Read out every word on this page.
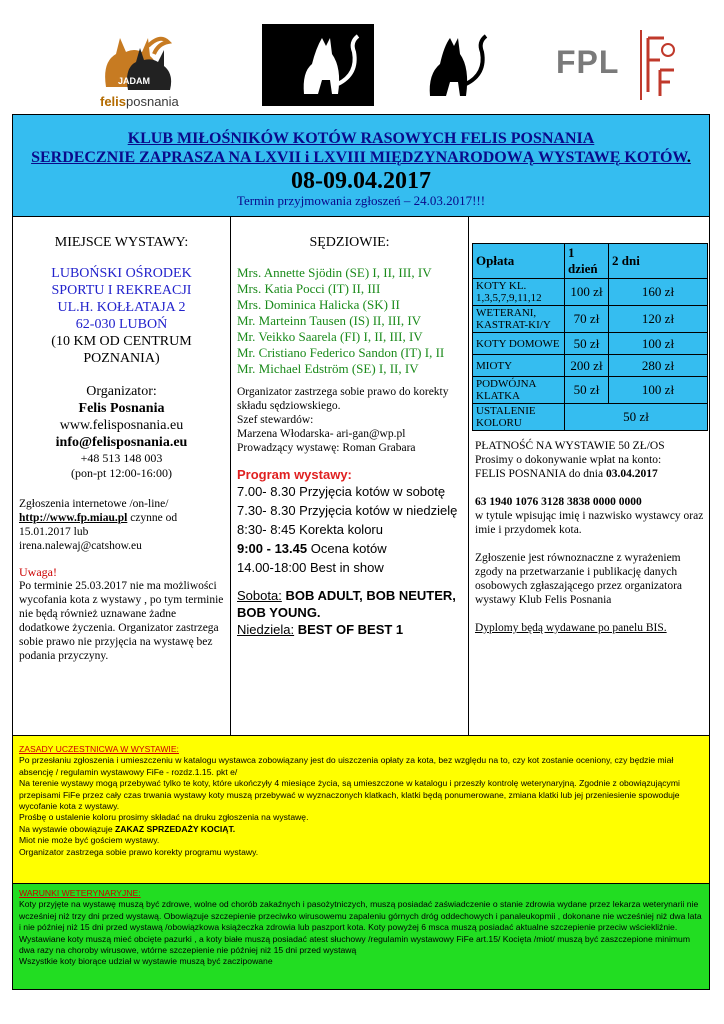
JADAM
felisposnania
FPL
KLUB MIŁOŚNIKÓW KOTÓW RASOWYCH FELIS POSNANIA
SERDECZNIE ZAPRASZA NA LXVII i LXVIII MIĘDZYNARODOWĄ WYSTAWĘ KOTÓW.
08-09.04.2017
Termin przyjmowania zgłoszeń – 24.03.2017!!!
MIEJSCE WYSTAWY:
LUBOŃSKI OŚRODEK
SPORTU I REKREACJI
UL.H. KOŁŁATAJA 2
62-030 LUBOŃ
(10 KM OD CENTRUM
POZNANIA)
Organizator:
Felis Posnania
www.felisposnania.eu
info@felisposnania.eu
+48 513 148 003
(pon-pt 12:00-16:00)
Zgłoszenia internetowe /on-line/
http://www.fp.miau.pl czynne od 15.01.2017 lub
irena.nalewaj@catshow.eu
Uwaga!
Po terminie 25.03.2017 nie ma możliwości wycofania kota z wystawy , po tym terminie nie będą również uznawane żadne dodatkowe życzenia. Organizator zastrzega sobie prawo nie przyjęcia na wystawę bez podania przyczyny.
SĘDZIOWIE:
Mrs. Annette Sjödin (SE) I, II, III, IV
Mrs. Katia Pocci (IT) II, III
Mrs. Dominica Halicka (SK) II
Mr. Marteinn Tausen (IS) II, III, IV
Mr. Veikko Saarela (FI) I, II, III, IV
Mr. Cristiano Federico Sandon (IT) I, II
Mr. Michael Edström (SE) I, II, IV
Organizator zastrzega sobie prawo do korekty składu sędziowskiego.
Szef stewardów:
Marzena Włodarska- ari-gan@wp.pl
Prowadzący wystawę: Roman Grabara
Program wystawy:
7.00- 8.30 Przyjęcia kotów w sobotę
7.30- 8.30 Przyjęcia kotów w niedzielę
8:30- 8:45 Korekta koloru
9:00 - 13.45 Ocena kotów
14.00-18:00 Best in show
Sobota: BOB ADULT, BOB NEUTER, BOB YOUNG.
Niedziela: BEST OF BEST 1
Opłata	1 dzień	2 dni
KOTY KL. 1,3,5,7,9,11,12	100 zł	160 zł
WETERANI, KASTRAT-KI/Y	70 zł	120 zł
KOTY DOMOWE	50 zł	100 zł
MIOTY	200 zł	280 zł
PODWÓJNA KLATKA	50 zł	100 zł
USTALENIE KOLORU	50 zł	

PŁATNOŚĆ NA WYSTAWIE 50 ZŁ/OS

Prosimy o dokonywanie wpłat na konto:

FELIS POSNANIA do dnia 03.04.2017

63 1940 1076 3128 3838 0000 0000

w tytule wpisując imię i nazwisko wystawcy oraz imie i przydomek kota.

Zgłoszenie jest równoznaczne z wyrażeniem zgody na przetwarzanie i publikację danych osobowych zgłaszającego przez organizatora wystawy Klub Felis Posnania

Dyplomy będą wydawane po panelu BIS.

ZASADY UCZESTNICWA W WYSTAWIE:
Po przesłaniu zgłoszenia i umieszczeniu w katalogu wystawca zobowiązany jest do uiszczenia opłaty za kota, bez względu na to, czy kot zostanie oceniony, czy będzie miał absencję / regulamin wystawowy FiFe - rozdz.1.15. pkt e/
Na terenie wystawy mogą przebywać tylko te koty, które ukończyły 4 miesiące życia, są umieszczone w katalogu i przeszły kontrolę weterynaryjną. Zgodnie z obowiązującymi przepisami FiFe przez cały czas trwania wystawy koty muszą przebywać w wyznaczonych klatkach, klatki będą ponumerowane, zmiana klatki lub jej przeniesienie spowoduje wycofanie kota z wystawy.
Prośbę o ustalenie koloru prosimy składać na druku zgłoszenia na wystawę.
Na wystawie obowiązuje ZAKAZ SPRZEDAŻY KOCIĄT.
Miot nie może być gościem wystawy.
Organizator zastrzega sobie prawo korekty programu wystawy.
WARUNKI WETERYNARYJNE:
Koty przyjęte na wystawę muszą być zdrowe, wolne od chorób zakaźnych i pasożytniczych, muszą posiadać zaświadczenie o stanie zdrowia wydane przez lekarza weterynarii nie wcześniej niż trzy dni przed wystawą. Obowiązuje szczepienie przeciwko wirusowemu zapaleniu górnych dróg oddechowych i panaleukopmii , dokonane nie wcześniej niż dwa lata i nie później niż 15 dni przed wystawą /obowiązkowa książeczka zdrowia lub paszport kota. Koty powyżej 6 msca muszą posiadać aktualne szczepienie przeciw wściekliźnie.
Wystawiane koty muszą mieć obcięte pazurki , a koty białe muszą posiadać atest słuchowy /regulamin wystawowy FiFe art.15/ Kocięta /miot/ muszą być zaszczepione minimum dwa razy na choroby wirusowe, wtórne szczepienie nie później niż 15 dni przed wystawą
Wszystkie koty biorące udział w wystawie muszą być zaczipowane
